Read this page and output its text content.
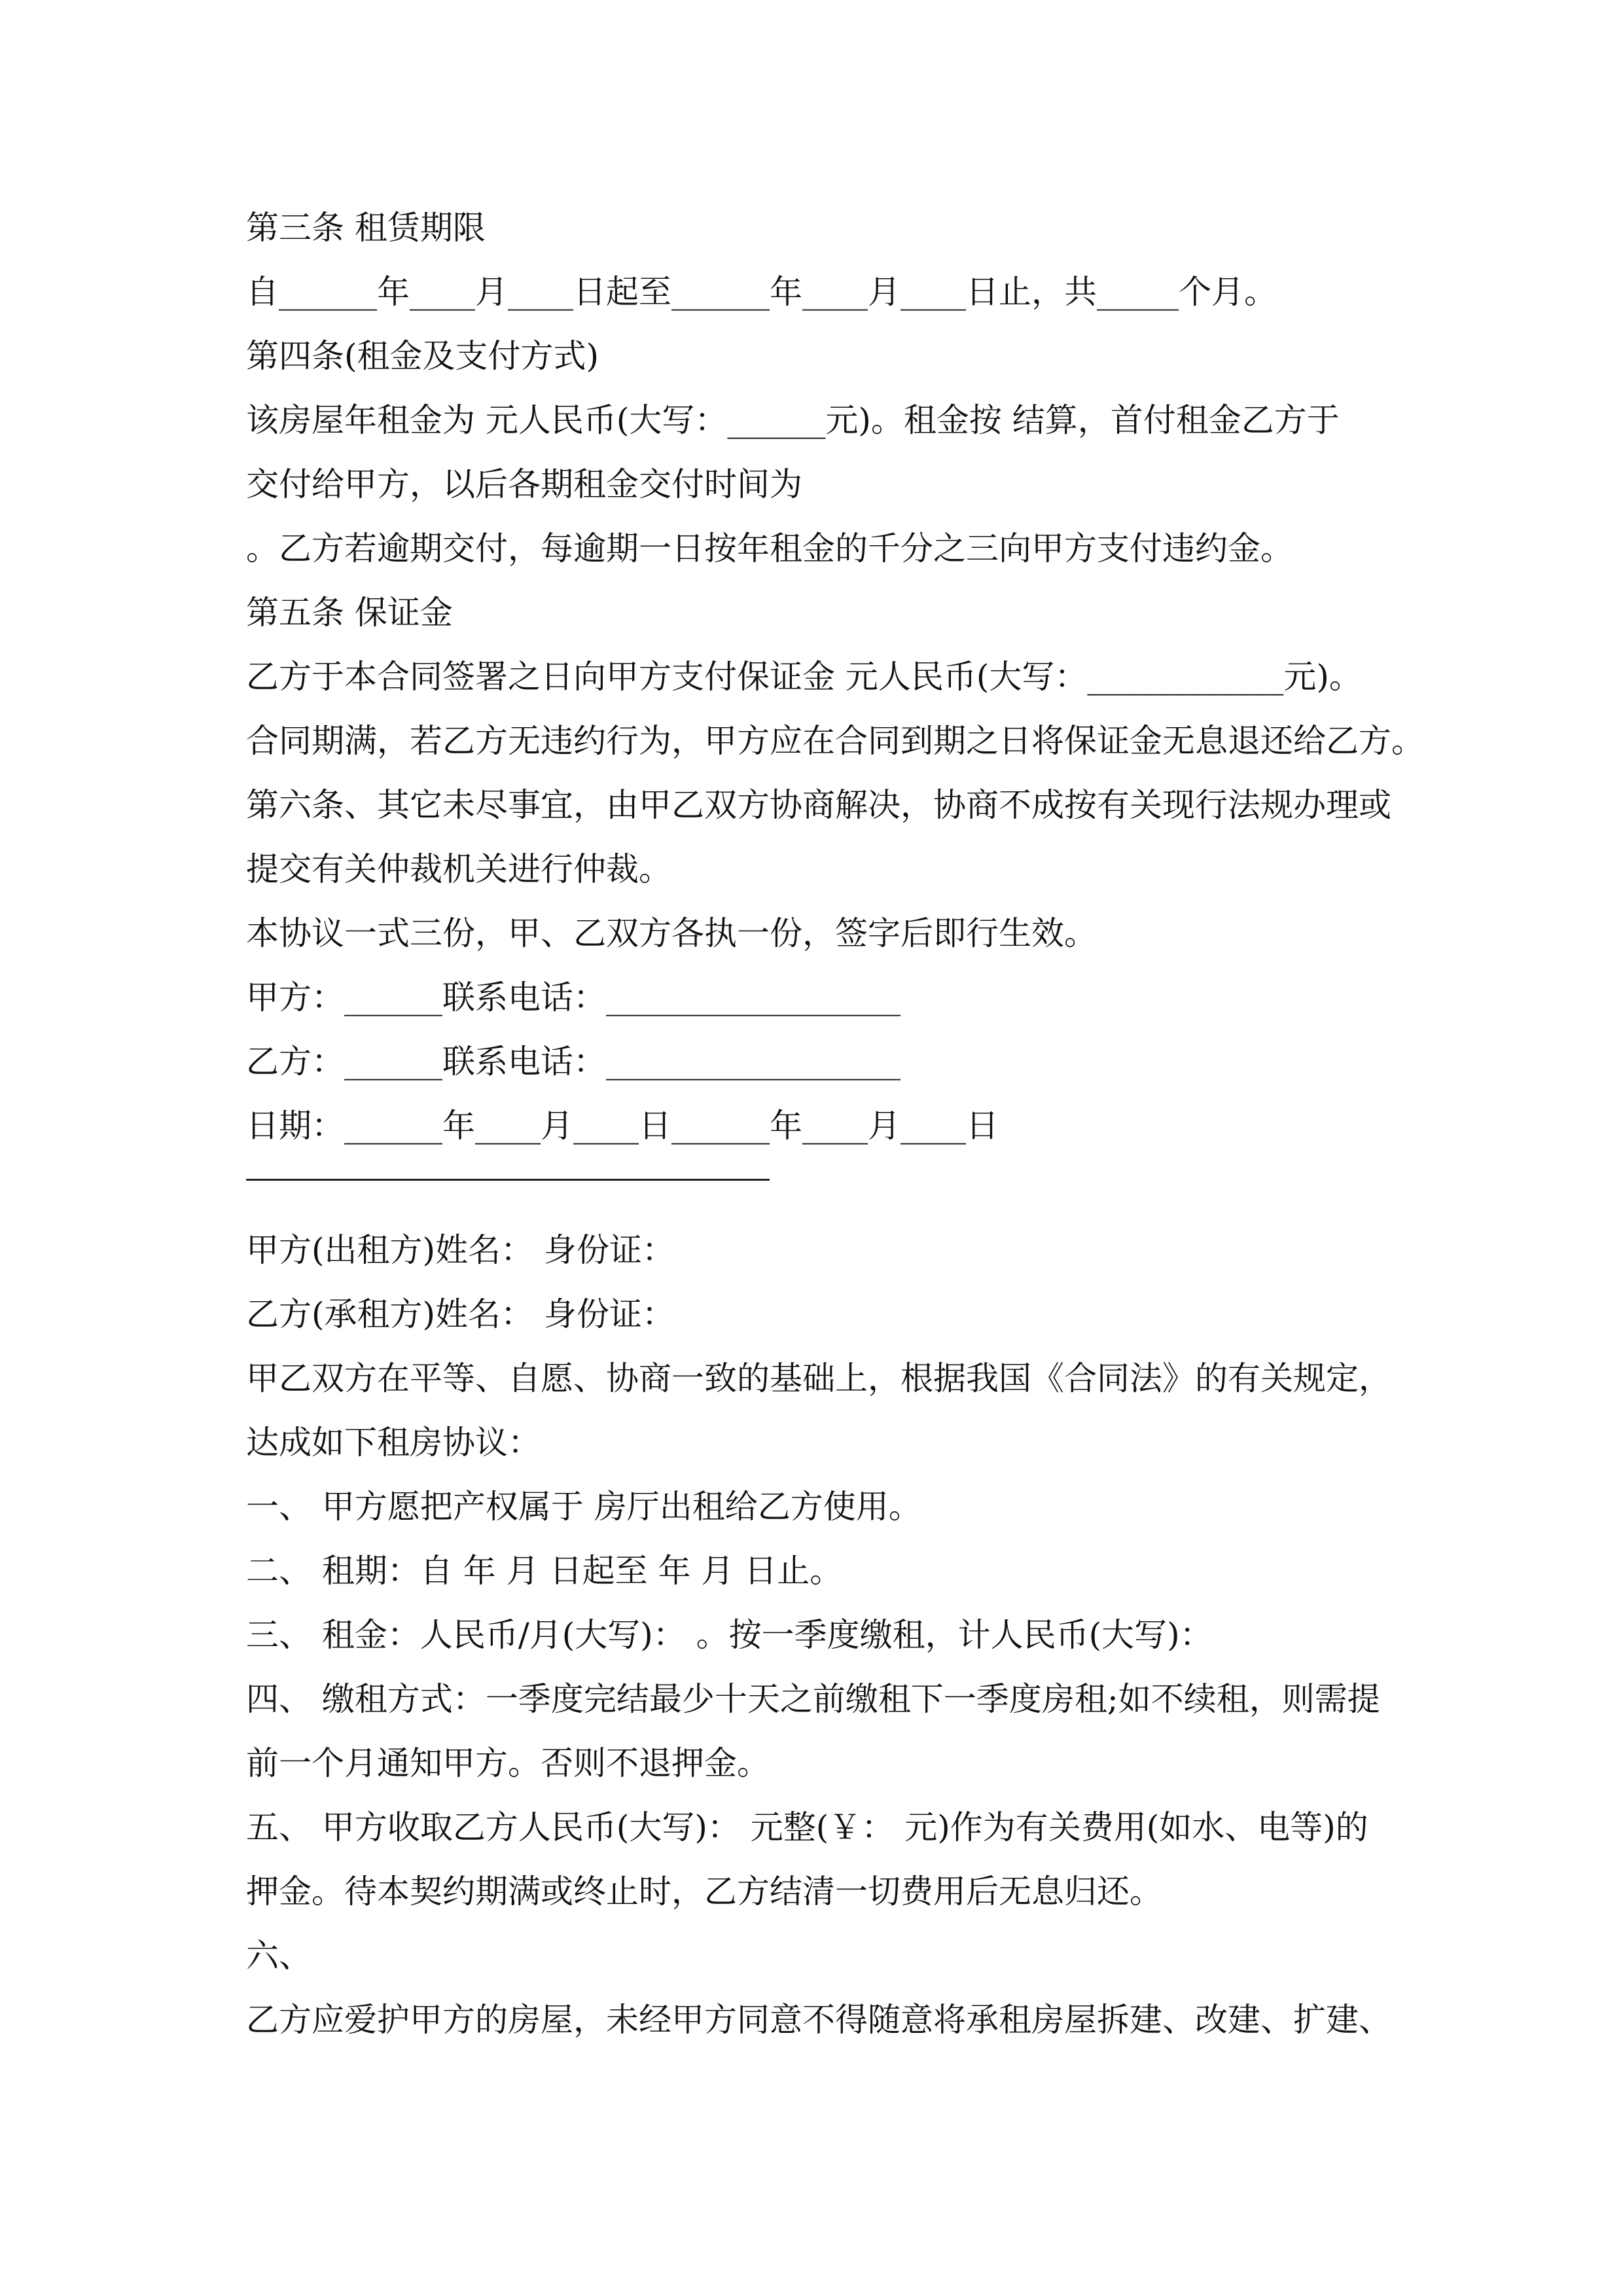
第三条 租赁期限
自______年____月____日起至______年____月____日止，共_____个月。
第四条(租金及支付方式)
该房屋年租金为 元人民币(大写：______元)。租金按 结算，首付租金乙方于
交付给甲方，以后各期租金交付时间为
。乙方若逾期交付，每逾期一日按年租金的千分之三向甲方支付违约金。
第五条 保证金
乙方于本合同签署之日向甲方支付保证金 元人民币(大写：____________元)。
合同期满，若乙方无违约行为，甲方应在合同到期之日将保证金无息退还给乙方。
第六条、其它未尽事宜，由甲乙双方协商解决，协商不成按有关现行法规办理或
提交有关仲裁机关进行仲裁。
本协议一式三份，甲、乙双方各执一份，签字后即行生效。
甲方：______联系电话：__________________
乙方：______联系电话：__________________
日期：______年____月____日______年____月____日
甲方(出租方)姓名： 身份证：
乙方(承租方)姓名： 身份证：
甲乙双方在平等、自愿、协商一致的基础上，根据我国《合同法》的有关规定，
达成如下租房协议：
一、 甲方愿把产权属于 房厅出租给乙方使用。
二、 租期：自 年 月 日起至 年 月 日止。
三、 租金：人民币/月(大写)： 。按一季度缴租，计人民币(大写)：
四、 缴租方式：一季度完结最少十天之前缴租下一季度房租;如不续租，则需提
前一个月通知甲方。否则不退押金。
五、 甲方收取乙方人民币(大写)： 元整(￥： 元)作为有关费用(如水、电等)的
押金。待本契约期满或终止时，乙方结清一切费用后无息归还。
六、
乙方应爱护甲方的房屋，未经甲方同意不得随意将承租房屋拆建、改建、扩建、
